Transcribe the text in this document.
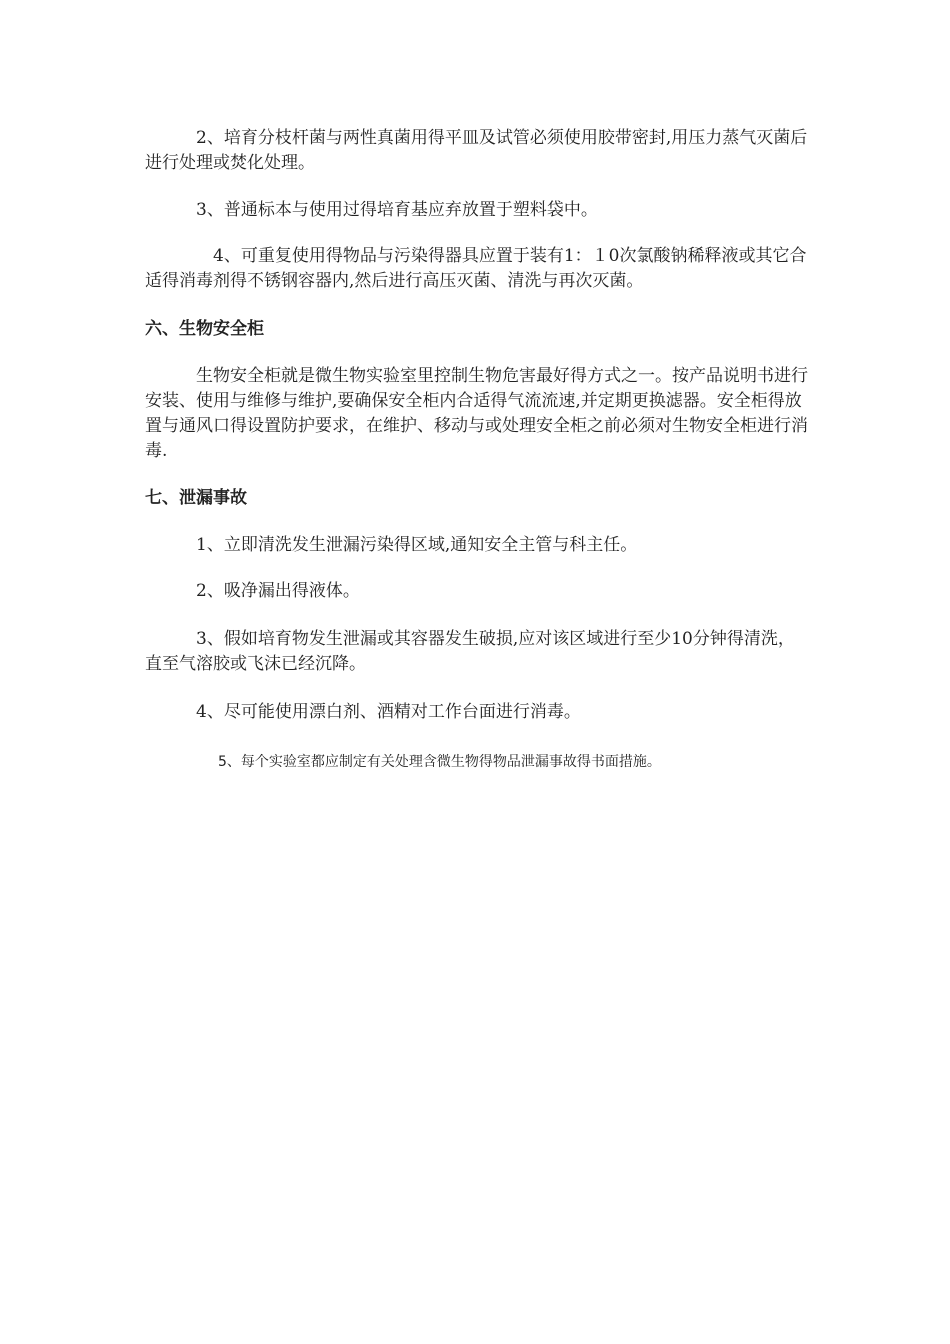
　　　2、培育分枝杆菌与两性真菌用得平皿及试管必须使用胶带密封,用压力蒸气灭菌后进行处理或焚化处理。

　　　3、普通标本与使用过得培育基应弃放置于塑料袋中。

　　　　4、可重复使用得物品与污染得器具应置于装有1：１0次氯酸钠稀释液或其它合适得消毒剂得不锈钢容器内,然后进行高压灭菌、清洗与再次灭菌。

六、生物安全柜

　　　生物安全柜就是微生物实验室里控制生物危害最好得方式之一。按产品说明书进行安装、使用与维修与维护,要确保安全柜内合适得气流流速,并定期更换滤器。安全柜得放置与通风口得设置防护要求，在维护、移动与或处理安全柜之前必须对生物安全柜进行消毒.

七、泄漏事故

　　　1、立即清洗发生泄漏污染得区域,通知安全主管与科主任。

　　　2、吸净漏出得液体。

　　　3、假如培育物发生泄漏或其容器发生破损,应对该区域进行至少10分钟得清洗，直至气溶胶或飞沫已经沉降。

　　　4、尽可能使用漂白剂、酒精对工作台面进行消毒。

5、每个实验室都应制定有关处理含微生物得物品泄漏事故得书面措施。
